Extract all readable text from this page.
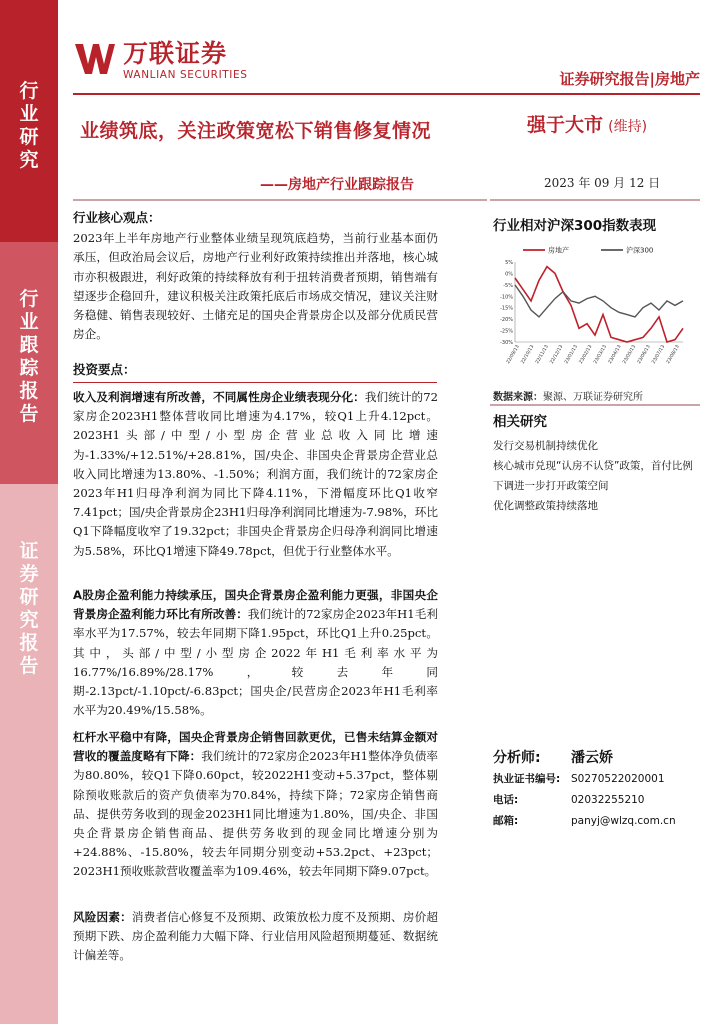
行
业
研
究
行
业
跟
踪
报
告
证
券
研
究
报
告
万联证券
WANLIAN SECURITIES	证券研究报告|房地产
业绩筑底，关注政策宽松下销售修复情况
——房地产行业跟踪报告
强于大市 (维持)
2023 年 09 月 12 日
行业核心观点：
2023年上半年房地产行业整体业绩呈现筑底趋势，当前行业基本面仍承压，但政治局会议后，房地产行业利好政策持续推出并落地，核心城市亦积极跟进，利好政策的持续释放有利于扭转消费者预期，销售端有望逐步企稳回升，建议积极关注政策托底后市场成交情况，建议关注财务稳健、销售表现较好、土储充足的国央企背景房企以及部分优质民营房企。
投资要点：
收入及利润增速有所改善，不同属性房企业绩表现分化：我们统计的72家房企2023H1整体营收同比增速为4.17%，较Q1上升4.12pct。2023H1头部/中型/小型房企营业总收入同比增速为-1.33%/+12.51%/+28.81%，国/央企、非国央企背景房企营业总收入同比增速为13.80%、-1.50%；利润方面，我们统计的72家房企2023年H1归母净利润为同比下降4.11%，下滑幅度环比Q1收窄7.41pct；国/央企背景房企23H1归母净利润同比增速为-7.98%，环比Q1下降幅度收窄了19.32pct；非国央企背景房企归母净利润同比增速为5.58%，环比Q1增速下降49.78pct，但优于行业整体水平。
A股房企盈利能力持续承压，国央企背景房企盈利能力更强，非国央企背景房企盈利能力环比有所改善：我们统计的72家房企2023年H1毛利率水平为17.57%，较去年同期下降1.95pct，环比Q1上升0.25pct。其中，头部/中型/小型房企2022年H1毛利率水平为16.77%/16.89%/28.17%，较去年同期-2.13pct/-1.10pct/-6.83pct；国央企/民营房企2023年H1毛利率水平为20.49%/15.58%。
杠杆水平稳中有降，国央企背景房企销售回款更优，已售未结算金额对营收的覆盖度略有下降：我们统计的72家房企2023年H1整体净负债率为80.80%，较Q1下降0.60pct，较2022H1变动+5.37pct，整体剔除预收账款后的资产负债率为70.84%，持续下降；72家房企销售商品、提供劳务收到的现金2023H1同比增速为1.80%，国/央企、非国央企背景房企销售商品、提供劳务收到的现金同比增速分别为+24.88%、-15.80%，较去年同期分别变动+53.2pct、+23pct；2023H1预收账款营收覆盖率为109.46%，较去年同期下降9.07pct。
风险因素：消费者信心修复不及预期、政策放松力度不及预期、房价超预期下跌、房企盈利能力大幅下降、行业信用风险超预期蔓延、数据统计偏差等。
行业相对沪深300指数表现
5%
0%
-5%
-10%
-15%
-20%
-25%
-30%
22/09/13 22/10/13 22/11/13 22/12/13 23/01/13 23/02/13 23/03/13 23/04/13 23/05/13 23/06/13 23/07/13 23/08/13
房地产	沪深300
数据来源：聚源、万联证券研究所
相关研究
发行交易机制持续优化
核心城市兑现“认房不认贷”政策，首付比例下调进一步打开政策空间
优化调整政策持续落地
分析师:	潘云娇
执业证书编号:	S0270522020001
电话:	02032255210
邮箱:	panyj@wlzq.com.cn
